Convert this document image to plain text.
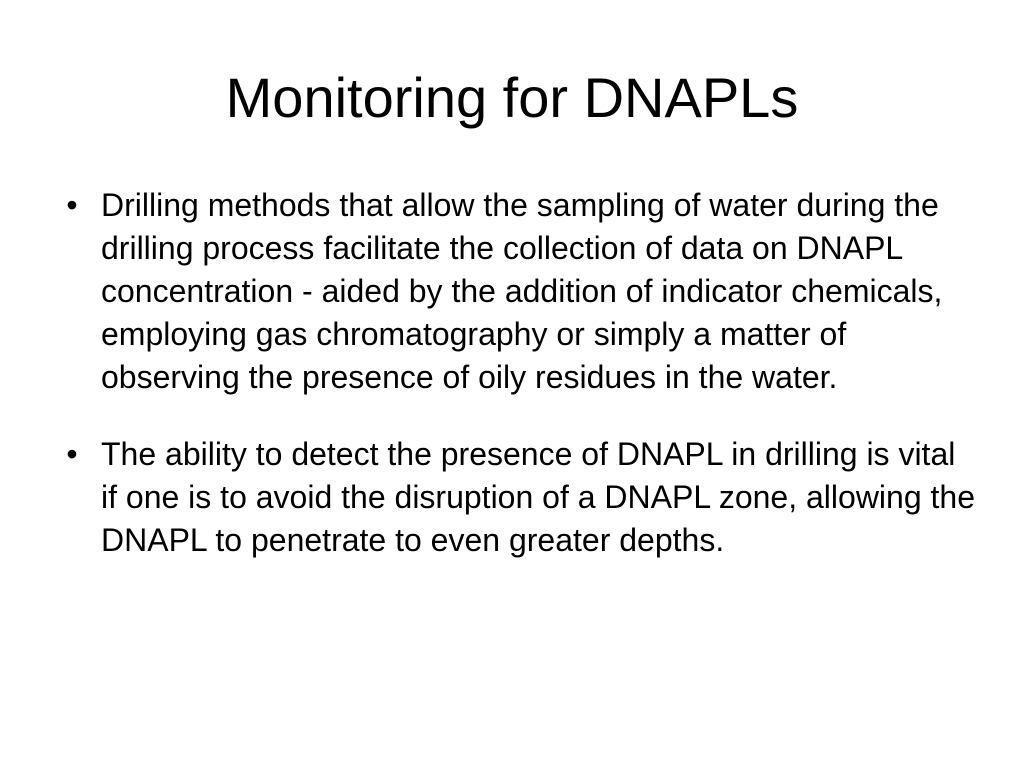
Monitoring for DNAPLs
• Drilling methods that allow the sampling of water during the drilling process facilitate the collection of data on DNAPL concentration - aided by the addition of indicator chemicals, employing gas chromatography or simply a matter of observing the presence of oily residues in the water.
• The ability to detect the presence of DNAPL in drilling is vital if one is to avoid the disruption of a DNAPL zone, allowing the DNAPL to penetrate to even greater depths.
